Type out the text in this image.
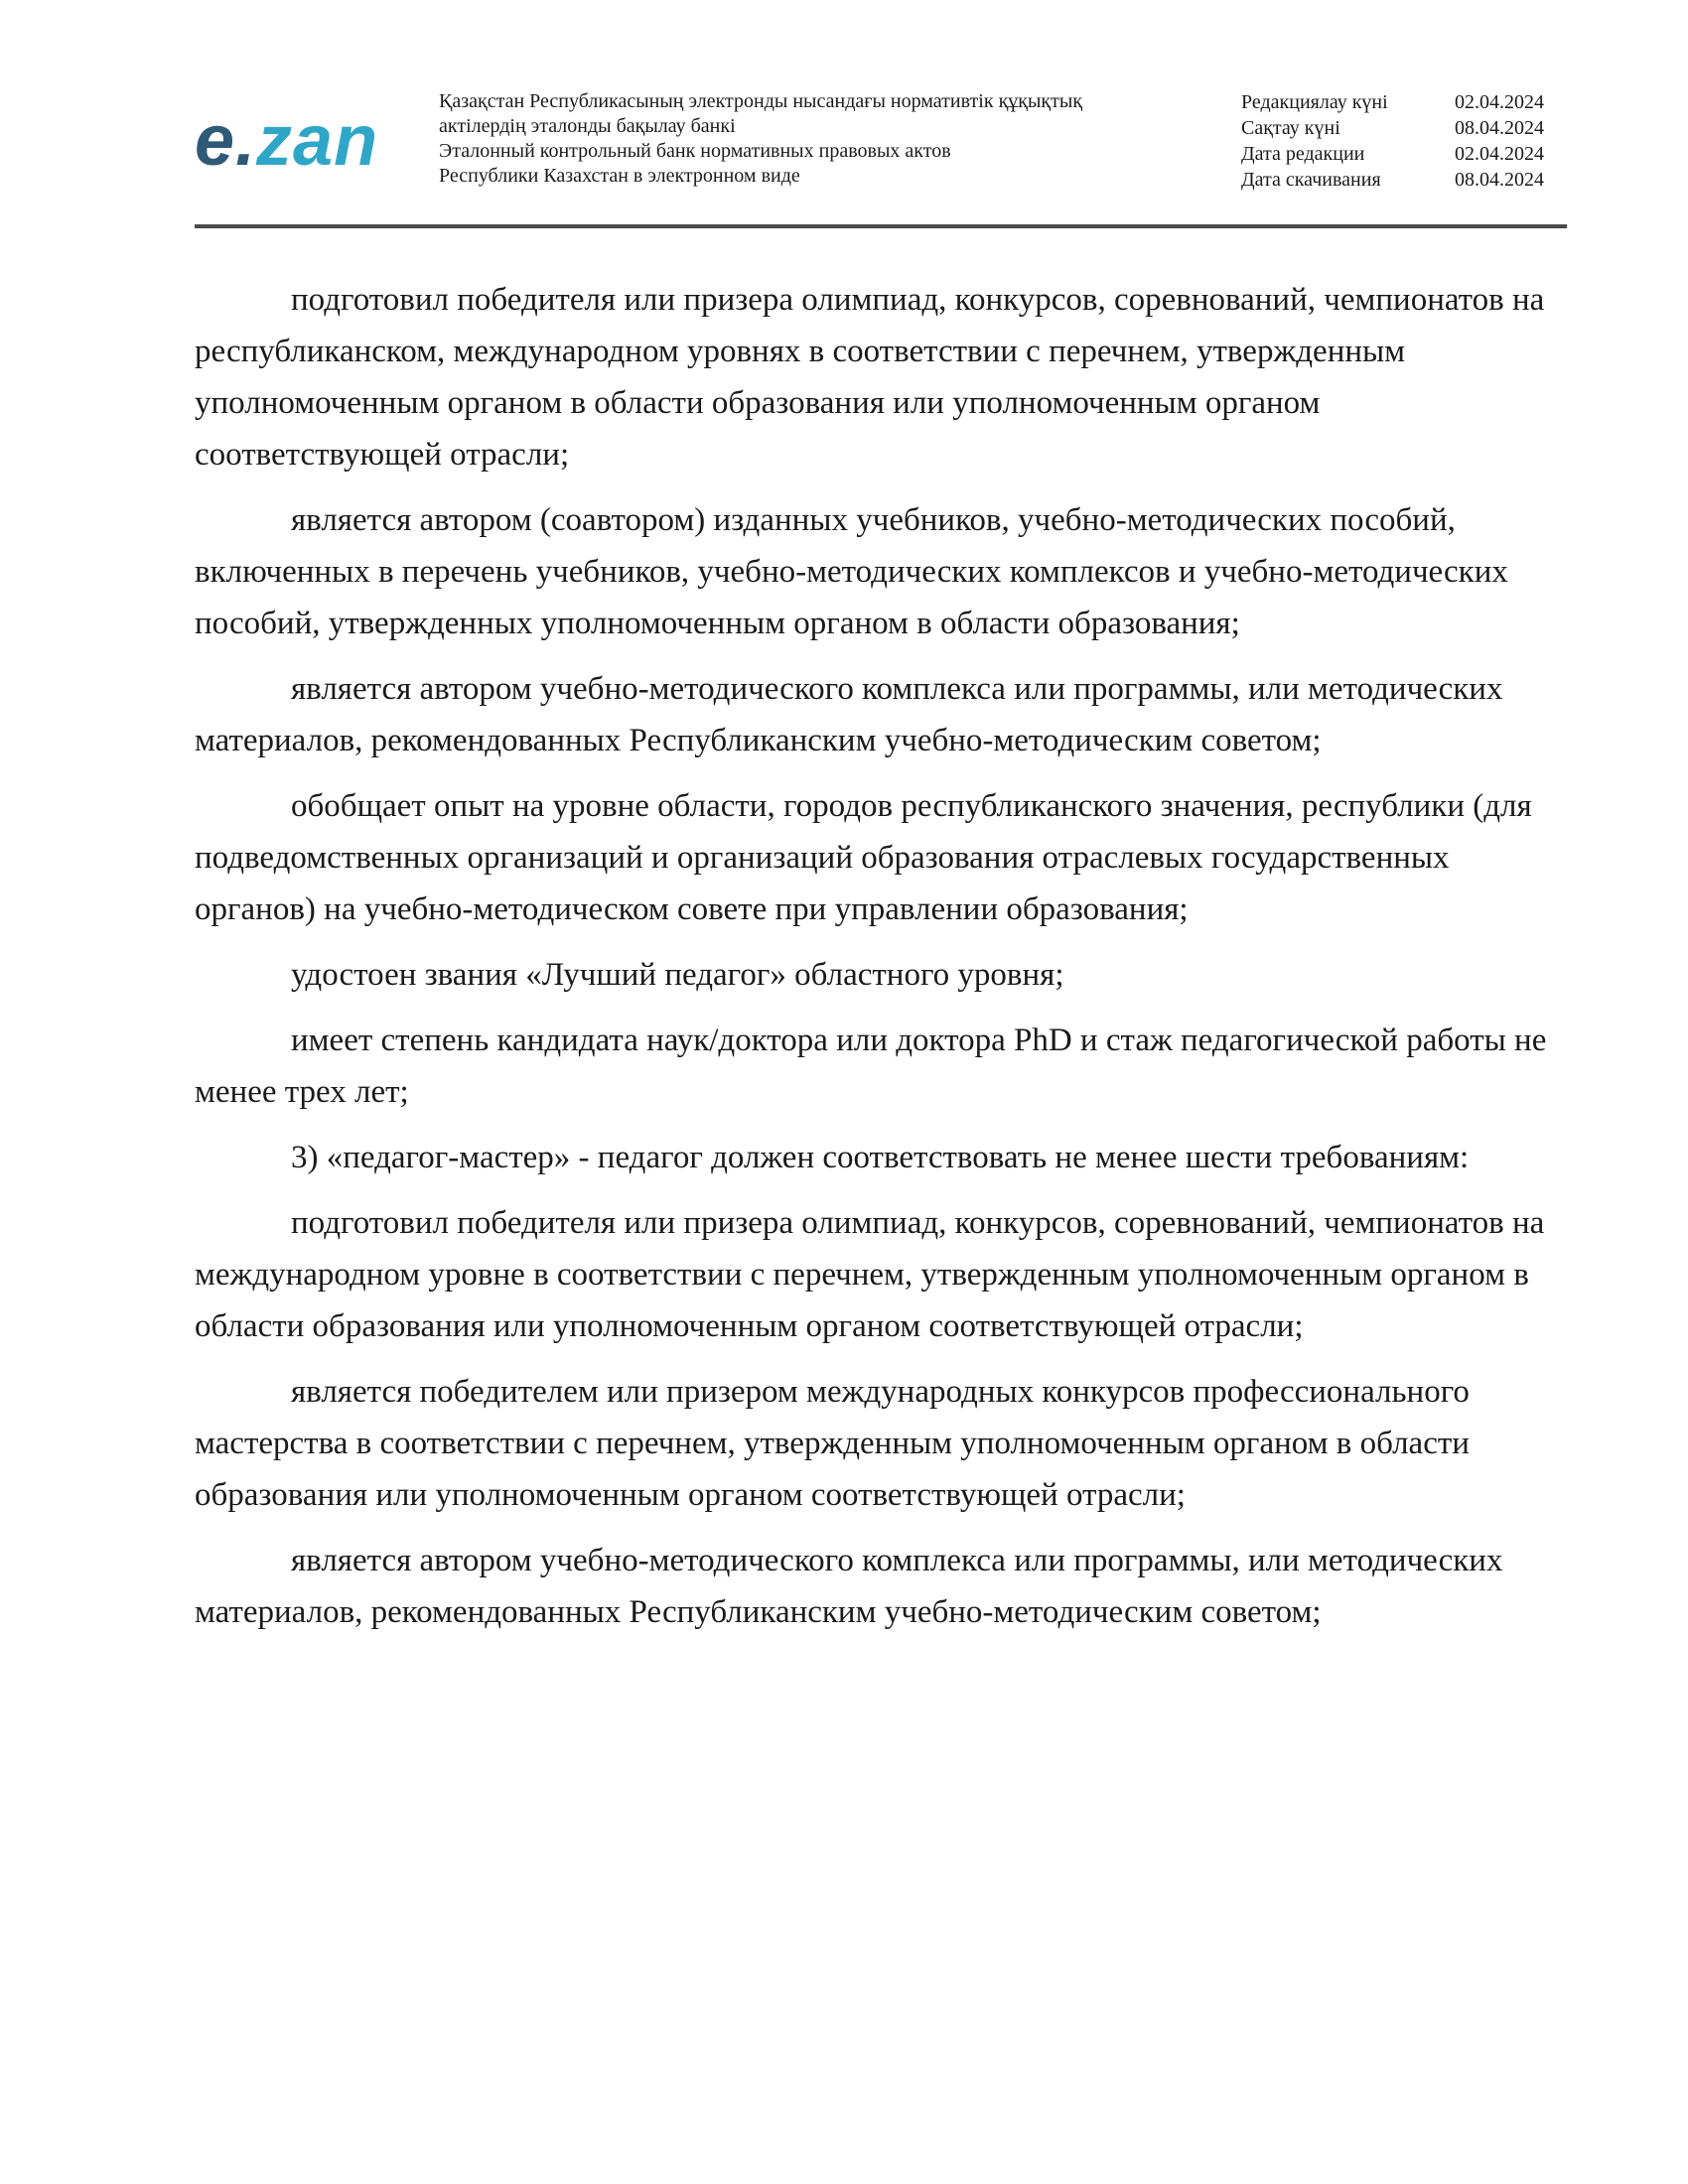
e.zan	Қазақстан Республикасының электронды нысандағы нормативтік құқықтық
актілердің эталонды бақылау банкі
Эталонный контрольный банк нормативных правовых актов
Республики Казахстан в электронном виде
Редакциялау күні	02.04.2024
Сақтау күні	08.04.2024
Дата редакции	02.04.2024
Дата скачивания	08.04.2024

подготовил победителя или призера олимпиад, конкурсов, соревнований, чемпионатов на республиканском, международном уровнях в соответствии с перечнем, утвержденным уполномоченным органом в области образования или уполномоченным органом соответствующей отрасли;

является автором (соавтором) изданных учебников, учебно-методических пособий, включенных в перечень учебников, учебно-методических комплексов и учебно-методических пособий, утвержденных уполномоченным органом в области образования;

является автором учебно-методического комплекса или программы, или методических материалов, рекомендованных Республиканским учебно-методическим советом;

обобщает опыт на уровне области, городов республиканского значения, республики (для подведомственных организаций и организаций образования отраслевых государственных органов) на учебно-методическом совете при управлении образования;

удостоен звания «Лучший педагог» областного уровня;

имеет степень кандидата наук/доктора или доктора PhD и стаж педагогической работы не менее трех лет;

3) «педагог-мастер» - педагог должен соответствовать не менее шести требованиям:

подготовил победителя или призера олимпиад, конкурсов, соревнований, чемпионатов на международном уровне в соответствии с перечнем, утвержденным уполномоченным органом в области образования или уполномоченным органом соответствующей отрасли;

является победителем или призером международных конкурсов профессионального мастерства в соответствии с перечнем, утвержденным уполномоченным органом в области образования или уполномоченным органом соответствующей отрасли;

является автором учебно-методического комплекса или программы, или методических материалов, рекомендованных Республиканским учебно-методическим советом;
